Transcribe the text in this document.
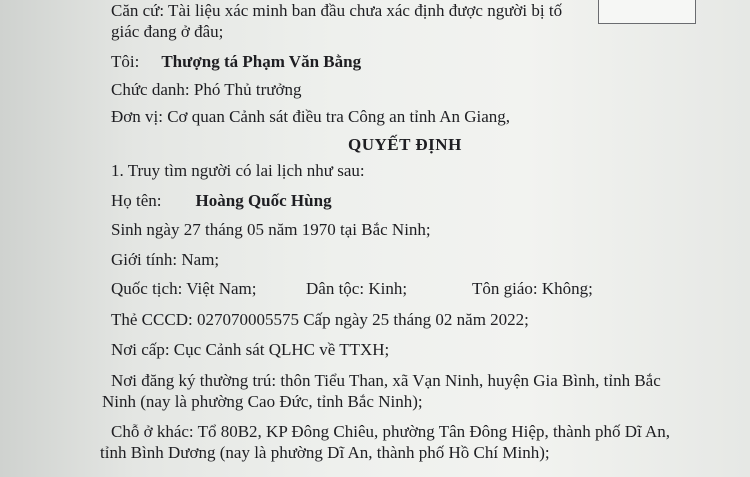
Căn cứ: Tài liệu xác minh ban đầu chưa xác định được người bị tố
giác đang ở đâu;
Tôi: Thượng tá Phạm Văn Bằng
Chức danh: Phó Thủ trưởng
Đơn vị: Cơ quan Cảnh sát điều tra Công an tỉnh An Giang,
QUYẾT ĐỊNH
1. Truy tìm người có lai lịch như sau:
Họ tên: Hoàng Quốc Hùng
Sinh ngày 27 tháng 05 năm 1970 tại Bắc Ninh;
Giới tính: Nam;
Quốc tịch: Việt Nam;	Dân tộc: Kinh;	Tôn giáo: Không;
Thẻ CCCD: 027070005575 Cấp ngày 25 tháng 02 năm 2022;
Nơi cấp: Cục Cảnh sát QLHC về TTXH;
Nơi đăng ký thường trú: thôn Tiểu Than, xã Vạn Ninh, huyện Gia Bình, tỉnh Bắc
Ninh (nay là phường Cao Đức, tỉnh Bắc Ninh);
Chỗ ở khác: Tổ 80B2, KP Đông Chiêu, phường Tân Đông Hiệp, thành phố Dĩ An,
tỉnh Bình Dương (nay là phường Dĩ An, thành phố Hồ Chí Minh);
